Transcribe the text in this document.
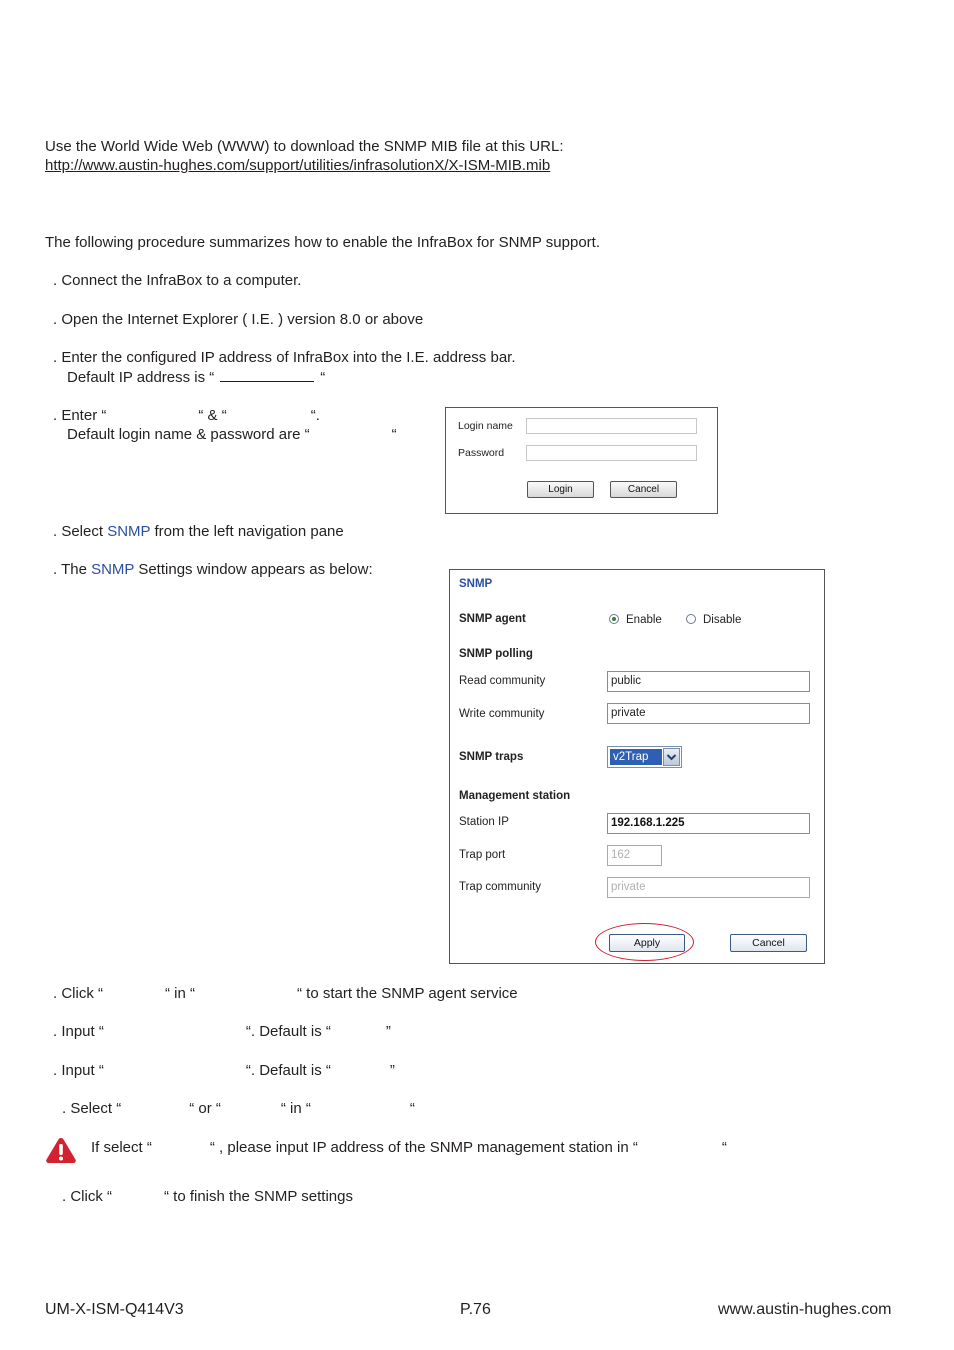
Use the World Wide Web (WWW) to download the SNMP MIB file at this URL:
http://www.austin-hughes.com/support/utilities/infrasolutionX/X-ISM-MIB.mib
The following procedure summarizes how to enable the InfraBox for SNMP support.
. Connect the InfraBox to a computer.
. Open the Internet Explorer ( I.E. ) version 8.0 or above
. Enter the configured IP address of InfraBox into the I.E. address bar.
Default IP address is “	“
. Enter “	“ & “	“.
Default login name & password are “	“	Login name
Password
Login	Cancel
. Select SNMP from the left navigation pane
. The SNMP Settings window appears as below:
SNMP
SNMP agent	Enable	Disable
SNMP polling
Read community	public
Write community	private
SNMP traps	v2Trap
Management station
Station IP	192.168.1.225
Trap port	162
Trap community	private
Apply	Cancel
. Click “	“ in “	“ to start the SNMP agent service
. Input “	“. Default is “	”
. Input “	“. Default is “	”
. Select “	“ or “	“ in “	“
If select “	“ , please input IP address of the SNMP management station in “	“
. Click “	“ to finish the SNMP settings
UM-X-ISM-Q414V3	P.76	www.austin-hughes.com
